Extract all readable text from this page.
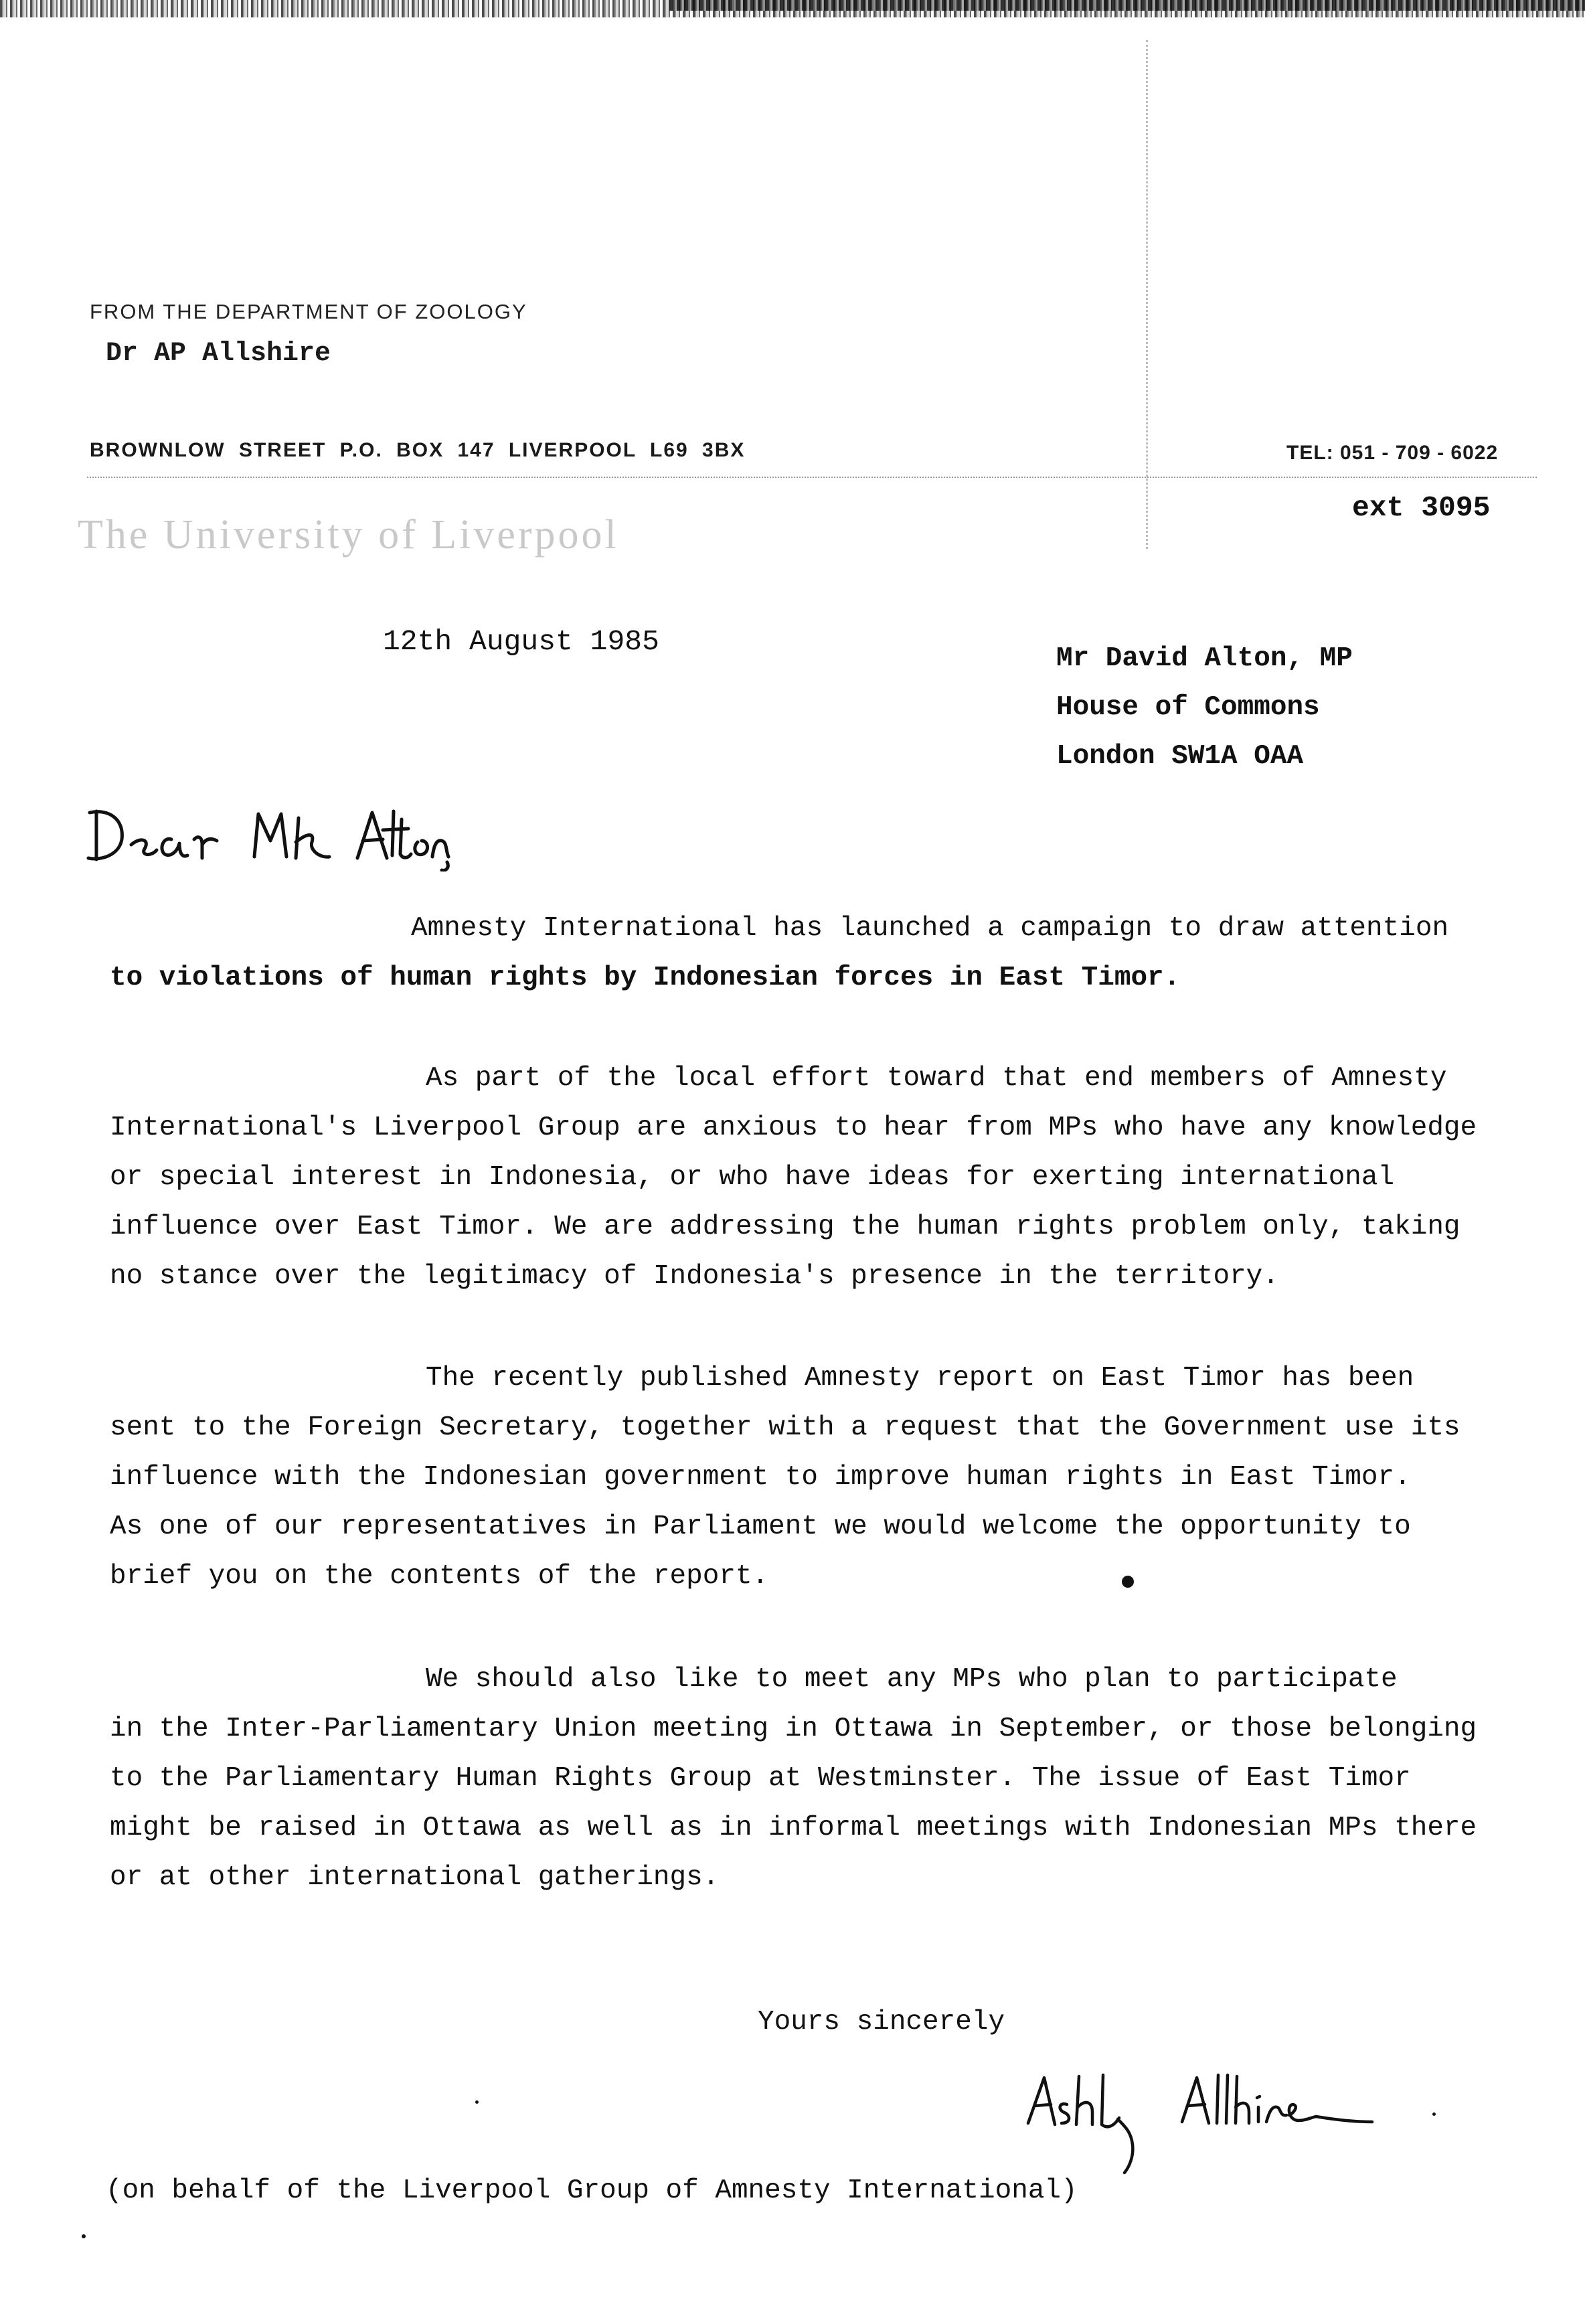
FROM THE DEPARTMENT OF ZOOLOGY
Dr AP Allshire
BROWNLOW STREET P.O. BOX 147 LIVERPOOL L69 3BX	TEL: 051 - 709 - 6022
ext 3095
The University of Liverpool
12th August 1985
Mr David Alton, MP
House of Commons
London SW1A OAA
Amnesty International has launched a campaign to draw attention
to violations of human rights by Indonesian forces in East Timor.
As part of the local effort toward that end members of Amnesty
International's Liverpool Group are anxious to hear from MPs who have any knowledge
or special interest in Indonesia, or who have ideas for exerting international
influence over East Timor. We are addressing the human rights problem only, taking
no stance over the legitimacy of Indonesia's presence in the territory.
The recently published Amnesty report on East Timor has been
sent to the Foreign Secretary, together with a request that the Government use its
influence with the Indonesian government to improve human rights in East Timor.
As one of our representatives in Parliament we would welcome the opportunity to
brief you on the contents of the report.
We should also like to meet any MPs who plan to participate
in the Inter-Parliamentary Union meeting in Ottawa in September, or those belonging
to the Parliamentary Human Rights Group at Westminster. The issue of East Timor
might be raised in Ottawa as well as in informal meetings with Indonesian MPs there
or at other international gatherings.
Yours sincerely
(on behalf of the Liverpool Group of Amnesty International)
